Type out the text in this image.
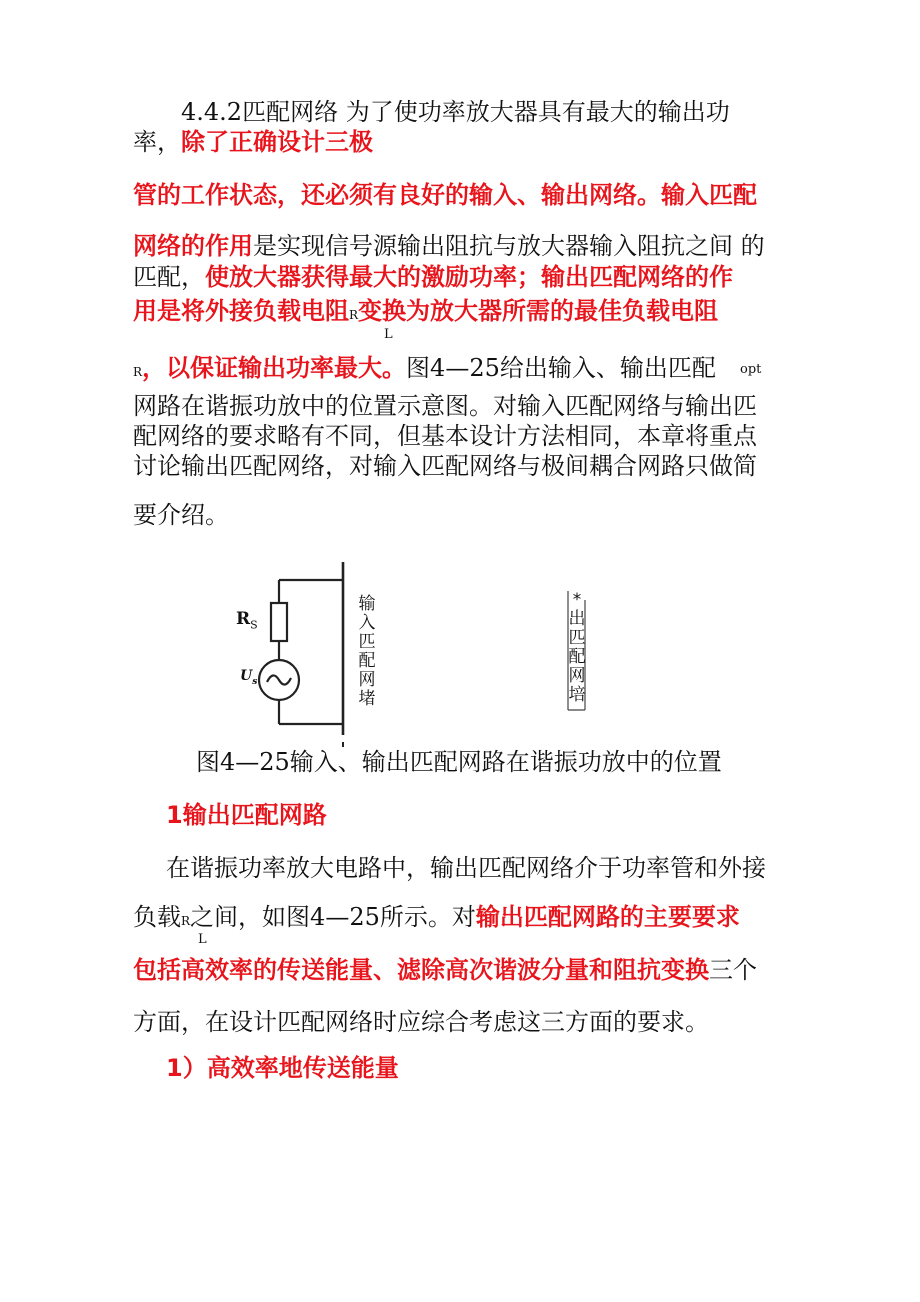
4.4.2匹配网络 为了使功率放大器具有最大的输出功
率，除了正确设计三极
管的工作状态，还必须有良好的输入、输出网络。输入匹配
网络的作用是实现信号源输出阻抗与放大器输入阻抗之间 的
匹配，使放大器获得最大的激励功率；输出匹配网络的作
用是将外接负载电阻R变换为放大器所需的最佳负载电阻
L
R，以保证输出功率最大。图4—25给出输入、输出匹配 opt
网路在谐振功放中的位置示意图。对输入匹配网络与输出匹
配网络的要求略有不同，但基本设计方法相同，本章将重点
讨论输出匹配网络，对输入匹配网络与极间耦合网路只做简
要介绍。
$R_S$
$U_s$
输入匹配网堵
*出匹配网培
图4—25输入、输出匹配网路在谐振功放中的位置
1输出匹配网路
在谐振功率放大电路中，输出匹配网络介于功率管和外接
负载R之间，如图4—25所示。对输出匹配网路的主要要求
L
包括高效率的传送能量、滤除高次谐波分量和阻抗变换三个
方面，在设计匹配网络时应综合考虑这三方面的要求。
1）高效率地传送能量
